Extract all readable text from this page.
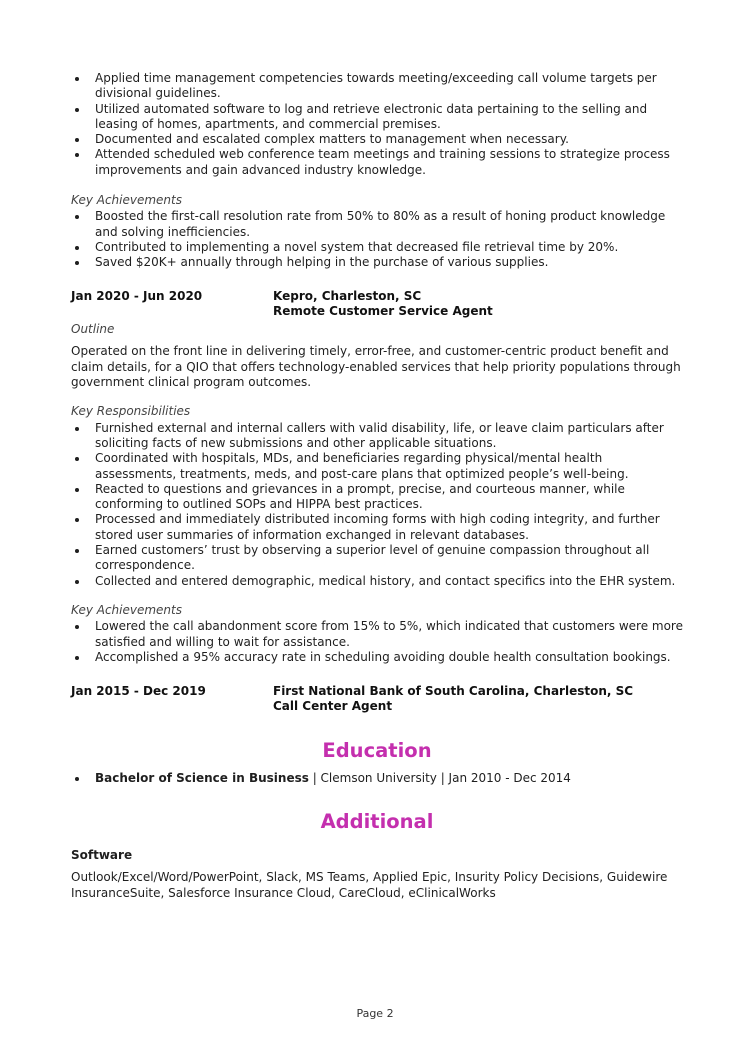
Applied time management competencies towards meeting/exceeding call volume targets per divisional guidelines.
Utilized automated software to log and retrieve electronic data pertaining to the selling and leasing of homes, apartments, and commercial premises.
Documented and escalated complex matters to management when necessary.
Attended scheduled web conference team meetings and training sessions to strategize process improvements and gain advanced industry knowledge.
Key Achievements
Boosted the first-call resolution rate from 50% to 80% as a result of honing product knowledge and solving inefficiencies.
Contributed to implementing a novel system that decreased file retrieval time by 20%.
Saved $20K+ annually through helping in the purchase of various supplies.
Jan 2020 - Jun 2020	Kepro, Charleston, SC
Remote Customer Service Agent
Outline

Operated on the front line in delivering timely, error-free, and customer-centric product benefit and claim details, for a QIO that offers technology-enabled services that help priority populations through government clinical program outcomes.

Key Responsibilities
Furnished external and internal callers with valid disability, life, or leave claim particulars after soliciting facts of new submissions and other applicable situations.
Coordinated with hospitals, MDs, and beneficiaries regarding physical/mental health assessments, treatments, meds, and post-care plans that optimized people’s well-being.
Reacted to questions and grievances in a prompt, precise, and courteous manner, while conforming to outlined SOPs and HIPPA best practices.
Processed and immediately distributed incoming forms with high coding integrity, and further stored user summaries of information exchanged in relevant databases.
Earned customers’ trust by observing a superior level of genuine compassion throughout all correspondence.
Collected and entered demographic, medical history, and contact specifics into the EHR system.
Key Achievements
Lowered the call abandonment score from 15% to 5%, which indicated that customers were more satisfied and willing to wait for assistance.
Accomplished a 95% accuracy rate in scheduling avoiding double health consultation bookings.
Jan 2015 - Dec 2019	First National Bank of South Carolina, Charleston, SC
Call Center Agent
Education
Bachelor of Science in Business | Clemson University | Jan 2010 - Dec 2014
Additional
Software

Outlook/Excel/Word/PowerPoint, Slack, MS Teams, Applied Epic, Insurity Policy Decisions, Guidewire InsuranceSuite, Salesforce Insurance Cloud, CareCloud, eClinicalWorks

Page 2
